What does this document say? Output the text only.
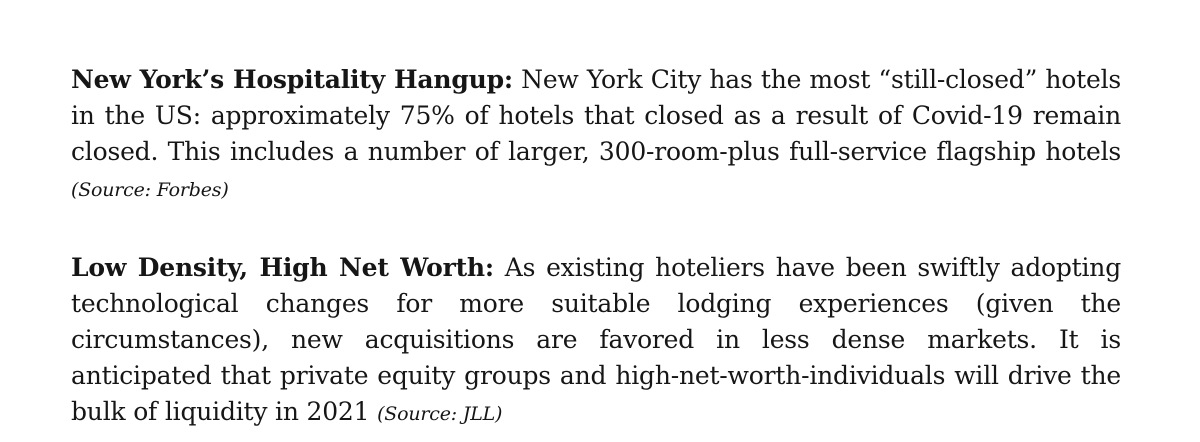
New York’s Hospitality Hangup: New York City has the most “still-closed” hotels in the US: approximately 75% of hotels that closed as a result of Covid-19 remain closed. This includes a number of larger, 300-room-plus full-service flagship hotels (Source: Forbes)

Low Density, High Net Worth: As existing hoteliers have been swiftly adopting technological changes for more suitable lodging experiences (given the circumstances), new acquisitions are favored in less dense markets. It is anticipated that private equity groups and high-net-worth-individuals will drive the bulk of liquidity in 2021 (Source: JLL)
